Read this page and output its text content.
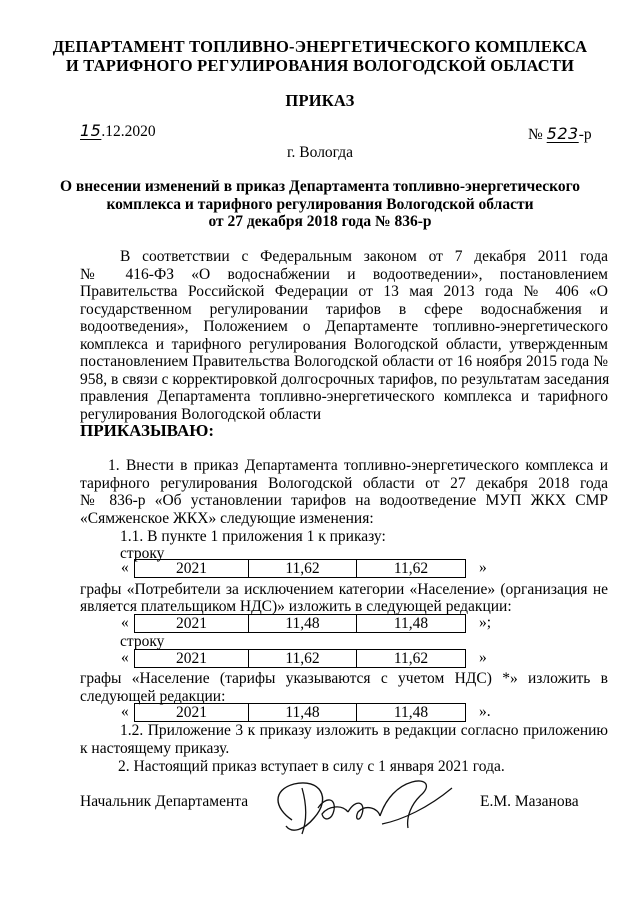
ДЕПАРТАМЕНТ ТОПЛИВНО-ЭНЕРГЕТИЧЕСКОГО КОМПЛЕКСА
И ТАРИФНОГО РЕГУЛИРОВАНИЯ ВОЛОГОДСКОЙ ОБЛАСТИ
ПРИКАЗ
15.12.2020	№ 523-р
г. Вологда
О внесении изменений в приказ Департамента топливно-энергетического
комплекса и тарифного регулирования Вологодской области
от 27 декабря 2018 года № 836-р
В соответствии с Федеральным законом от 7 декабря 2011 года
№ 416-ФЗ «О водоснабжении и водоотведении», постановлением
Правительства Российской Федерации от 13 мая 2013 года № 406 «О
государственном регулировании тарифов в сфере водоснабжения и
водоотведения», Положением о Департаменте топливно-энергетического
комплекса и тарифного регулирования Вологодской области, утвержденным
постановлением Правительства Вологодской области от 16 ноября 2015 года №
958, в связи с корректировкой долгосрочных тарифов, по результатам заседания
правления Департамента топливно-энергетического комплекса и тарифного
регулирования Вологодской области
ПРИКАЗЫВАЮ:
1. Внести в приказ Департамента топливно-энергетического комплекса и
тарифного регулирования Вологодской области от 27 декабря 2018 года
№ 836-р «Об установлении тарифов на водоотведение МУП ЖКХ СМР
«Сямженское ЖКХ» следующие изменения:
1.1. В пункте 1 приложения 1 к приказу:
строку
«	2021	11,62	11,62	»
графы «Потребители за исключением категории «Население» (организация не
является плательщиком НДС)» изложить в следующей редакции:
«	2021	11,48	11,48	»;
строку
«	2021	11,62	11,62	»
графы «Население (тарифы указываются с учетом НДС) *» изложить в
следующей редакции:
«	2021	11,48	11,48	».
1.2. Приложение 3 к приказу изложить в редакции согласно приложению
к настоящему приказу.
2. Настоящий приказ вступает в силу с 1 января 2021 года.
Начальник Департамента	Е.М. Мазанова
